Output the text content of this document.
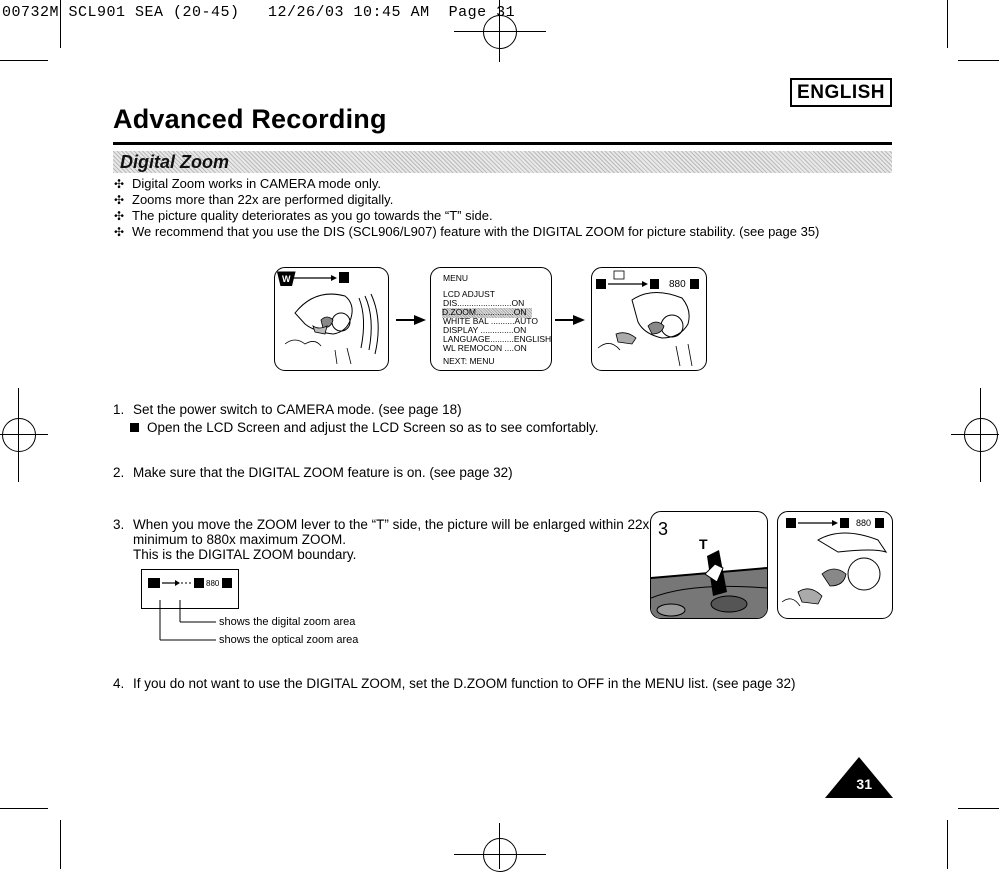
00732M SCL901 SEA (20-45)   12/26/03 10:45 AM  Page 31
ENGLISH
Advanced Recording
Digital Zoom
✣ Digital Zoom works in CAMERA mode only.
✣ Zooms more than 22x are performed digitally.
✣ The picture quality deteriorates as you go towards the “T” side.
✣ We recommend that you use the DIS (SCL906/L907) feature with the DIGITAL ZOOM for picture stability. (see page 35)
W	MENU
LCD ADJUST
DIS.......................ON
D.ZOOM................ON
WHITE BAL ..........AUTO
DISPLAY ..............ON
LANGUAGE..........ENGLISH
WL REMOCON ....ON
NEXT: MENU
880
1. Set the power switch to CAMERA mode. (see page 18)
Open the LCD Screen and adjust the LCD Screen so as to see comfortably.
2. Make sure that the DIGITAL ZOOM feature is on. (see page 32)
3. When you move the ZOOM lever to the “T” side, the picture will be enlarged within 22x
minimum to 880x maximum ZOOM.
This is the DIGITAL ZOOM boundary.
4. If you do not want to use the DIGITAL ZOOM, set the D.ZOOM function to OFF in the MENU list. (see page 32)
880
shows the digital zoom area
shows the optical zoom area
3
T
880
31
